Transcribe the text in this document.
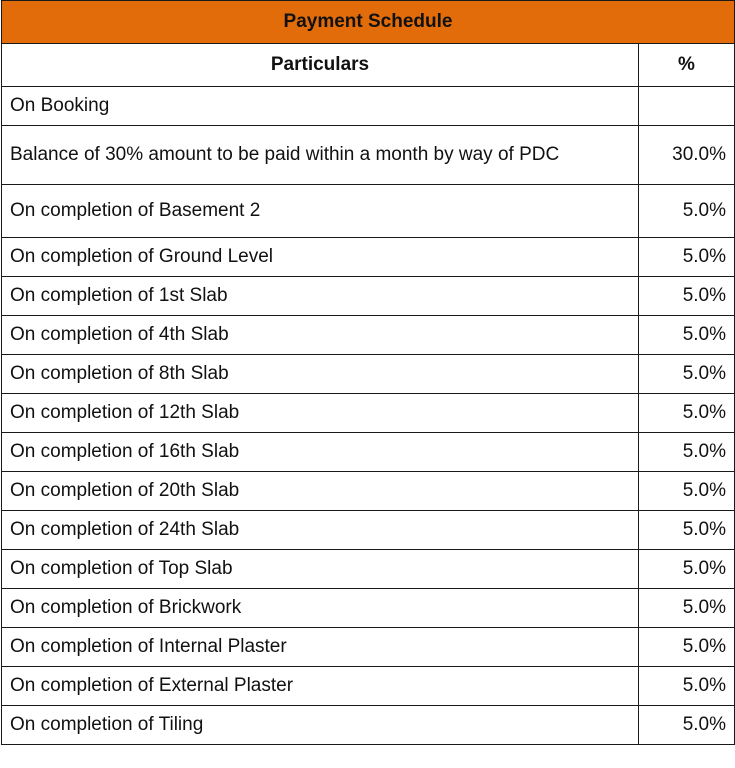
Payment Schedule	
Particulars	%
On Booking	
Balance of 30% amount to be paid within a month by way of PDC	30.0%
On completion of Basement 2	5.0%
On completion of Ground Level	5.0%
On completion of 1st Slab	5.0%
On completion of 4th Slab	5.0%
On completion of 8th Slab	5.0%
On completion of 12th Slab	5.0%
On completion of 16th Slab	5.0%
On completion of 20th Slab	5.0%
On completion of 24th Slab	5.0%
On completion of Top Slab	5.0%
On completion of Brickwork	5.0%
On completion of Internal Plaster	5.0%
On completion of External Plaster	5.0%
On completion of Tiling	5.0%
